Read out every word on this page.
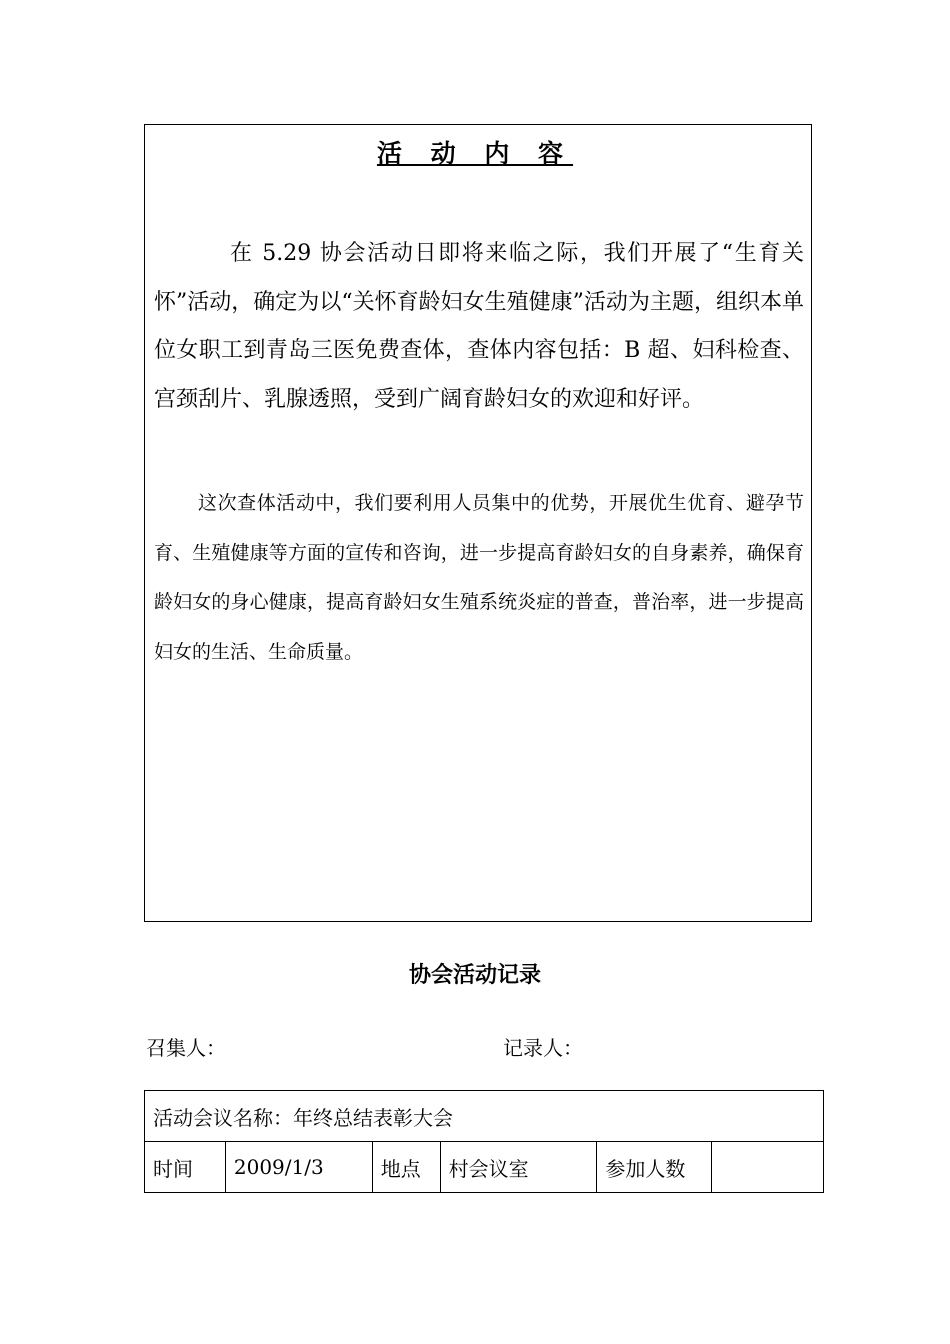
活 动 内 容
在 5.29 协会活动日即将来临之际，我们开展了“生育关怀”活动，确定为以“关怀育龄妇女生殖健康”活动为主题，组织本单位女职工到青岛三医免费查体，查体内容包括：B 超、妇科检查、宫颈刮片、乳腺透照，受到广阔育龄妇女的欢迎和好评。
这次查体活动中，我们要利用人员集中的优势，开展优生优育、避孕节育、生殖健康等方面的宣传和咨询，进一步提高育龄妇女的自身素养，确保育龄妇女的身心健康，提高育龄妇女生殖系统炎症的普查，普治率，进一步提高妇女的生活、生命质量。
协会活动记录
召集人：	记录人：
活动会议名称：年终总结表彰大会
时间	2009/1/3	地点	村会议室	参加人数	
